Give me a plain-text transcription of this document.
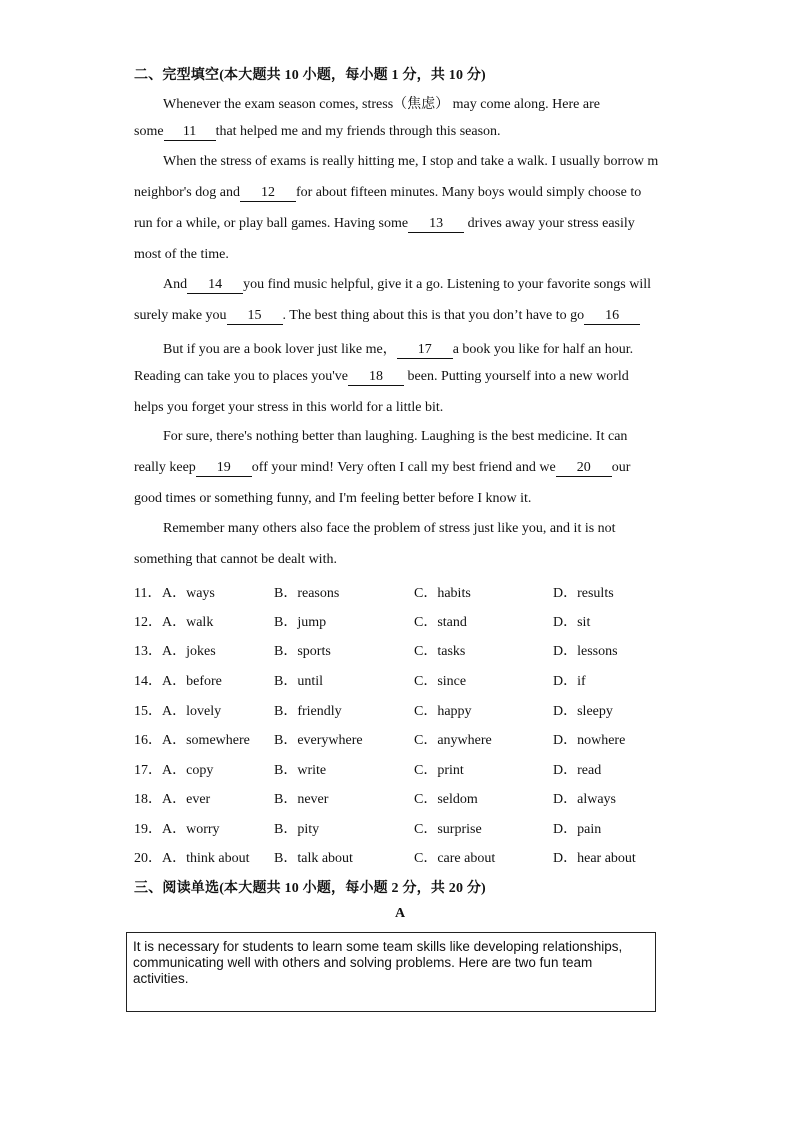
二、完型填空(本大题共 10 小题，每小题 1 分，共 10 分)
Whenever the exam season comes, stress（焦虑） may come along. Here are
some 11 that helped me and my friends through this season.
When the stress of exams is really hitting me, I stop and take a walk. I usually borrow m
neighbor's dog and 12 for about fifteen minutes. Many boys would simply choose to
run for a while, or play ball games. Having some 13 drives away your stress easily
most of the time.
And 14 you find music helpful, give it a go. Listening to your favorite songs will
surely make you 15 . The best thing about this is that you don’t have to go 16
But if you are a book lover just like me， 17 a book you like for half an hour.
Reading can take you to places you've 18 been. Putting yourself into a new world
helps you forget your stress in this world for a little bit.
For sure, there's nothing better than laughing. Laughing is the best medicine. It can
really keep 19 off your mind! Very often I call my best friend and we 20 our
good times or something funny, and I'm feeling better before I know it.
Remember many others also face the problem of stress just like you, and it is not
something that cannot be dealt with.
11． A．ways	B．reasons	C．habits	D．results
12． A．walk	B．jump	C．stand	D．sit
13． A．jokes	B．sports	C．tasks	D．lessons
14． A．before	B．until	C．since	D．if
15． A．lovely	B．friendly	C．happy	D．sleepy
16． A．somewhere B．everywhere	C．anywhere	D．nowhere
17． A．copy	B．write	C．print	D．read
18． A．ever	B．never	C．seldom	D．always
19． A．worry	B．pity	C．surprise	D．pain
20． A．think about B．talk about	C．care about	D．hear about
三、阅读单选(本大题共 10 小题，每小题 2 分，共 20 分)
A
It is necessary for students to learn some team skills like developing relationships,
communicating well with others and solving problems. Here are two fun team activities.
